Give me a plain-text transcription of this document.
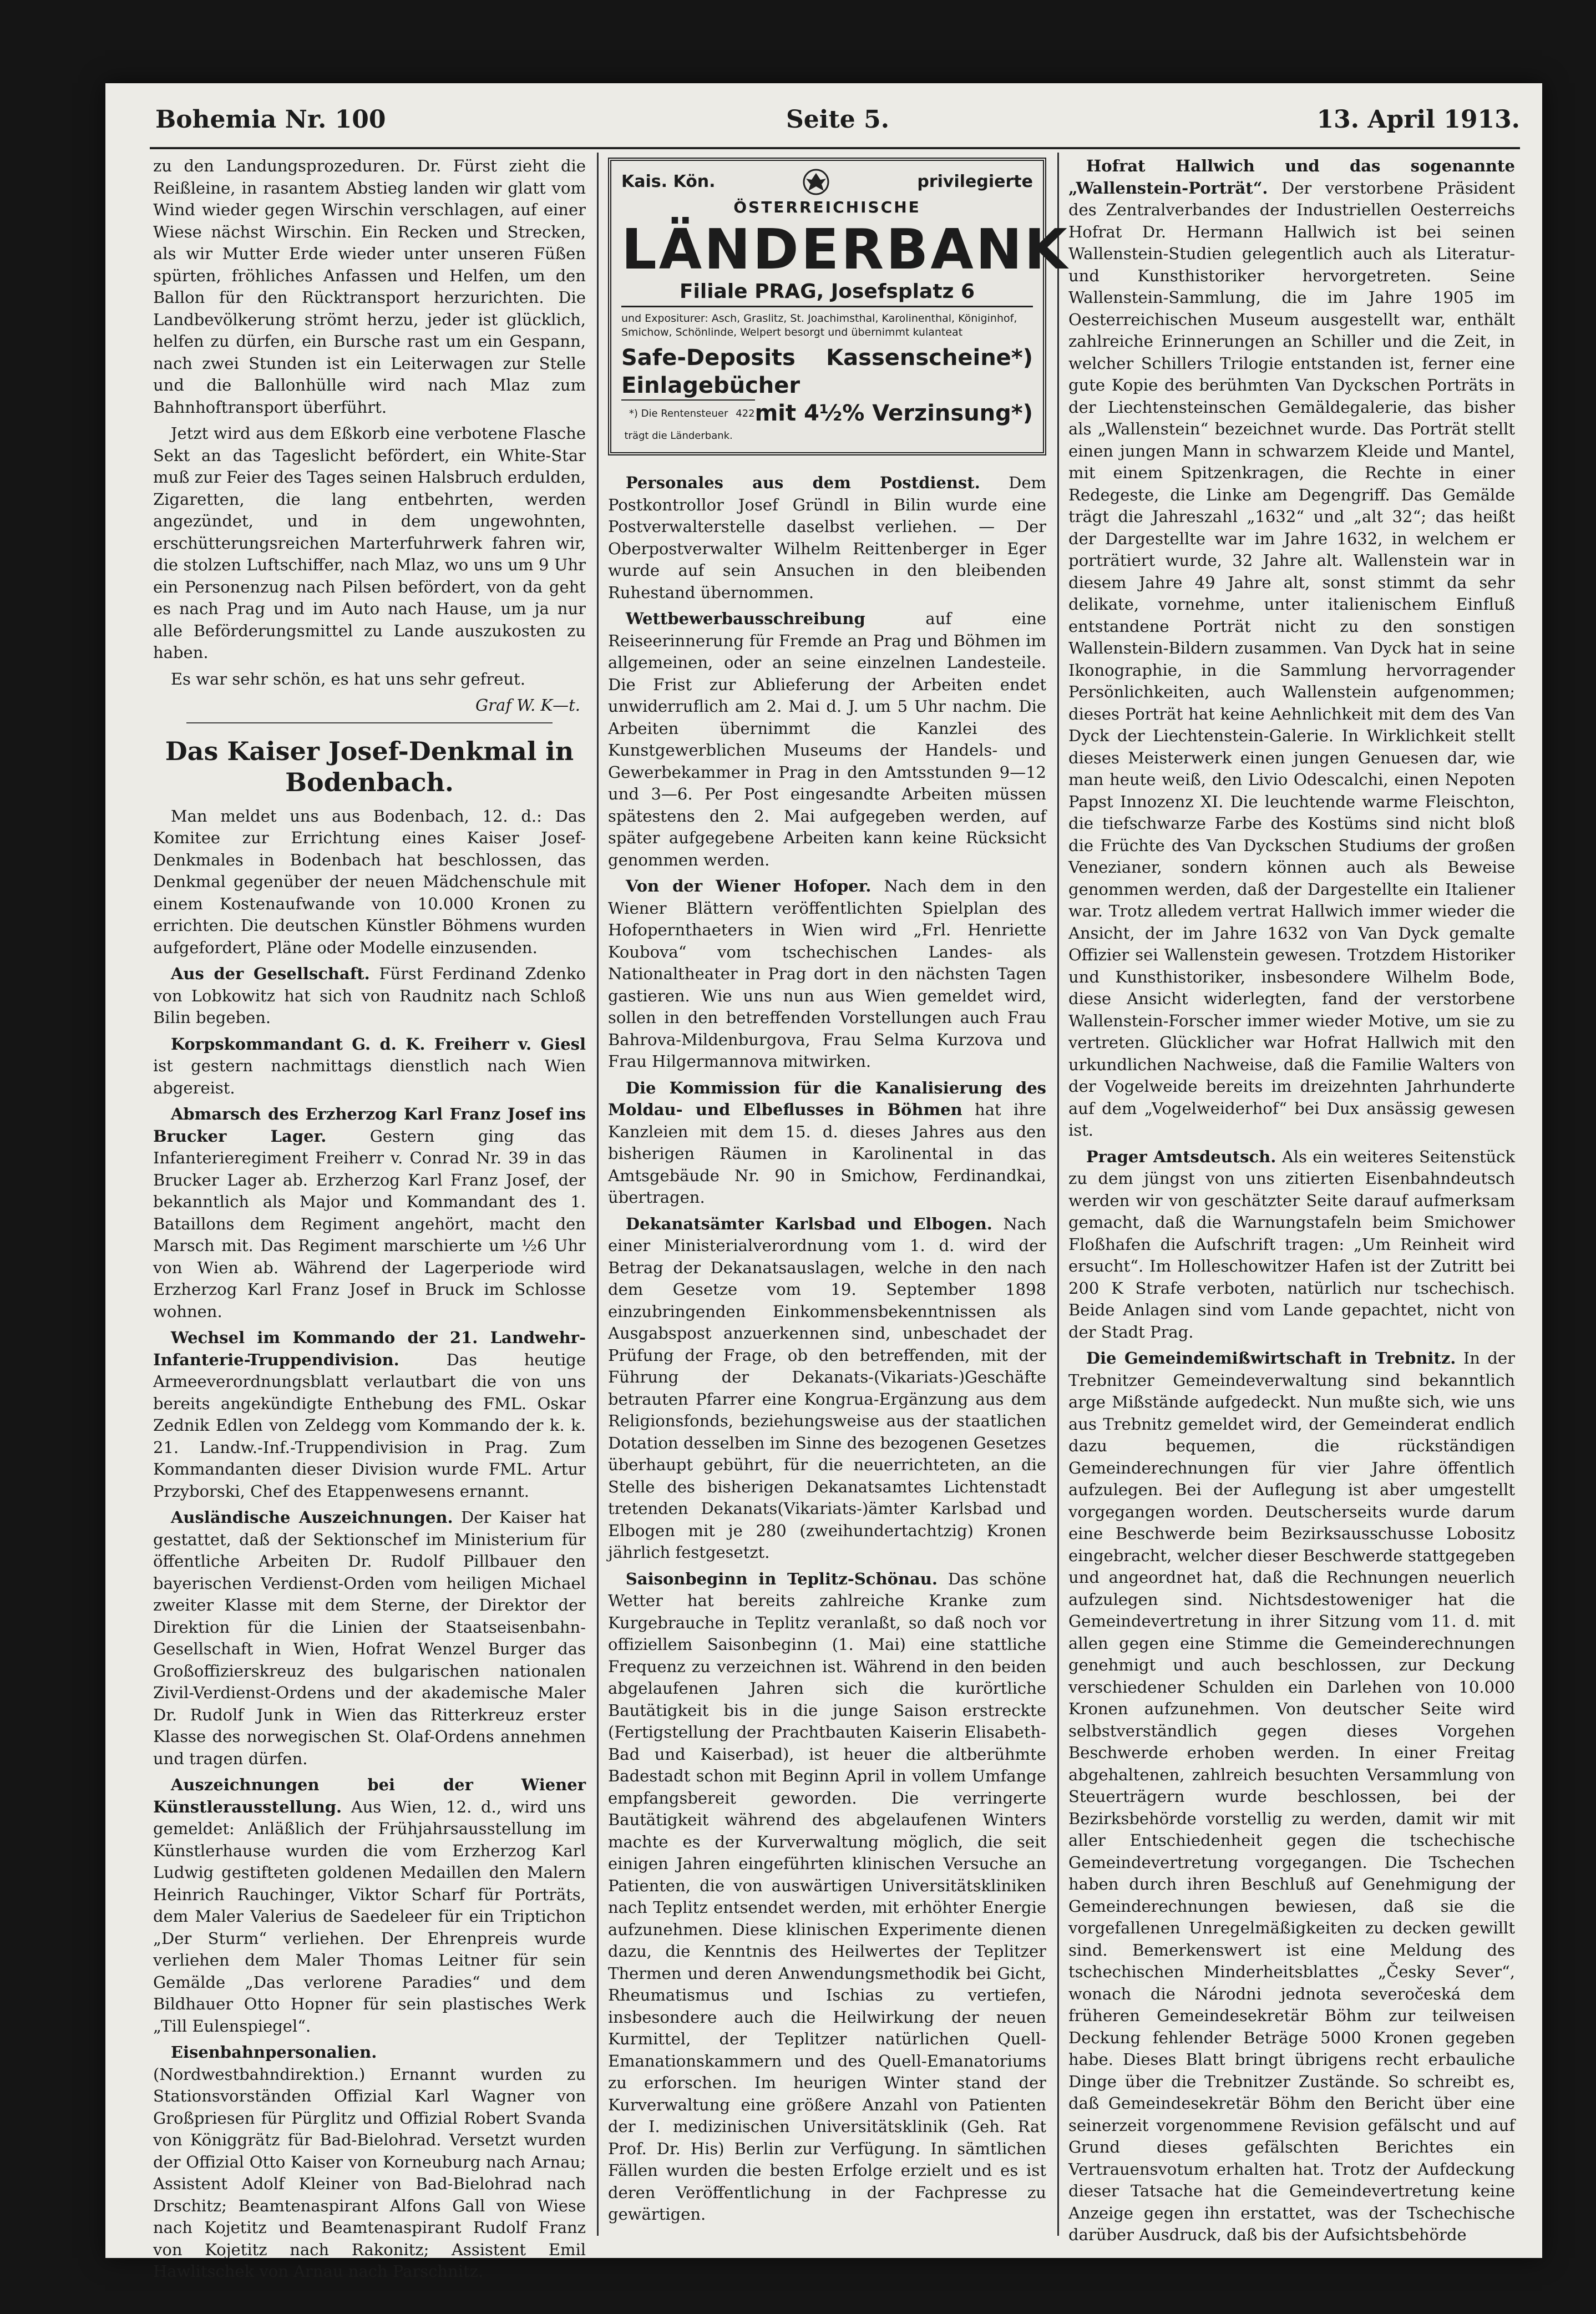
Bohemia Nr. 100	Seite 5.	13. April 1913.

zu den Landungsprozeduren. Dr. Fürst zieht die Reißleine, in rasantem Abstieg landen wir glatt vom Wind wieder gegen Wirschin verschlagen, auf einer Wiese nächst Wirschin. Ein Recken und Strecken, als wir Mutter Erde wieder unter unseren Füßen spürten, fröhliches Anfassen und Helfen, um den Ballon für den Rücktransport herzurichten. Die Landbevölkerung strömt herzu, jeder ist glücklich, helfen zu dürfen, ein Bursche rast um ein Gespann, nach zwei Stunden ist ein Leiterwagen zur Stelle und die Ballonhülle wird nach Mlaz zum Bahnhoftransport überführt.

Jetzt wird aus dem Eßkorb eine verbotene Flasche Sekt an das Tageslicht befördert, ein White-Star muß zur Feier des Tages seinen Halsbruch erdulden, Zigaretten, die lang entbehrten, werden angezündet, und in dem ungewohnten, erschütterungsreichen Marterfuhrwerk fahren wir, die stolzen Luftschiffer, nach Mlaz, wo uns um 9 Uhr ein Personenzug nach Pilsen befördert, von da geht es nach Prag und im Auto nach Hause, um ja nur alle Beförderungsmittel zu Lande auszukosten zu haben.

Es war sehr schön, es hat uns sehr gefreut.

Graf W. K—t.

Das Kaiser Josef-Denkmal in Bodenbach.

Man meldet uns aus Bodenbach, 12. d.: Das Komitee zur Errichtung eines Kaiser Josef-Denkmales in Bodenbach hat beschlossen, das Denkmal gegenüber der neuen Mädchenschule mit einem Kostenaufwande von 10.000 Kronen zu errichten. Die deutschen Künstler Böhmens wurden aufgefordert, Pläne oder Modelle einzusenden.

Aus der Gesellschaft. Fürst Ferdinand Zdenko von Lobkowitz hat sich von Raudnitz nach Schloß Bilin begeben.

Korpskommandant G. d. K. Freiherr v. Giesl ist gestern nachmittags dienstlich nach Wien abgereist.

Abmarsch des Erzherzog Karl Franz Josef ins Brucker Lager.	Gestern ging das Infanterieregiment Freiherr v. Conrad Nr. 39 in das Brucker Lager ab. Erzherzog Karl Franz Josef, der bekanntlich als Major und Kommandant des 1. Bataillons dem Regiment angehört, macht den Marsch mit. Das Regiment marschierte um ½6 Uhr von Wien ab. Während der Lagerperiode wird Erzherzog Karl Franz Josef in Bruck im Schlosse wohnen.

Wechsel im Kommando der 21. Landwehr-Infanterie-Truppendivision.	Das heutige Armeeverordnungsblatt verlautbart die von uns bereits angekündigte Enthebung des FML. Oskar Zednik Edlen von Zeldegg vom Kommando der k. k. 21. Landw.-Inf.-Truppendivision in Prag. Zum Kommandanten dieser Division wurde FML. Artur Przyborski, Chef des Etappenwesens ernannt.

Ausländische Auszeichnungen. Der Kaiser hat gestattet, daß der Sektionschef im Ministerium für öffentliche Arbeiten Dr. Rudolf Pillbauer den bayerischen Verdienst-Orden vom heiligen Michael zweiter Klasse mit dem Sterne, der Direktor der Direktion für die Linien der Staatseisenbahn-Gesellschaft in Wien, Hofrat Wenzel Burger das Großoffizierskreuz des bulgarischen nationalen Zivil-Verdienst-Ordens und der akademische Maler Dr. Rudolf Junk in Wien das Ritterkreuz erster Klasse des norwegischen St. Olaf-Ordens annehmen und tragen dürfen.

Auszeichnungen bei der Wiener Künstlerausstellung. Aus Wien, 12. d., wird uns gemeldet: Anläßlich der Frühjahrsausstellung im Künstlerhause wurden die vom Erzherzog Karl Ludwig gestifteten goldenen Medaillen den Malern Heinrich Rauchinger, Viktor Scharf für Porträts, dem Maler Valerius de Saedeleer für ein Triptichon „Der Sturm“ verliehen. Der Ehrenpreis wurde verliehen dem Maler Thomas Leitner für sein Gemälde „Das verlorene Paradies“ und dem Bildhauer Otto Hopner für sein plastisches Werk „Till Eulenspiegel“.

Eisenbahnpersonalien. (Nordwestbahndirektion.) Ernannt wurden zu Stationsvorständen Offizial Karl Wagner von Großpriesen für Pürglitz und Offizial Robert Svanda von Königgrätz für Bad-Bielohrad. Versetzt wurden der Offizial Otto Kaiser von Korneuburg nach Arnau; Assistent Adolf Kleiner von Bad-Bielohrad nach Drschitz; Beamtenaspirant Alfons Gall von Wiese nach Kojetitz und Beamtenaspirant Rudolf Franz von Kojetitz nach Rakonitz; Assistent Emil Hawlitschek von Arnau nach Parschnitz.

Kais. Kön.	privilegierte
ÖSTERREICHISCHE
LÄNDERBANK
Filiale PRAG, Josefsplatz 6
und Expositurer: Asch, Graslitz, St. Joachimsthal, Karolinenthal, Königinhof, Smichow, Schönlinde, Welpert besorgt und übernimmt kulanteat
Safe-Deposits Kassenscheine*)
Einlagebücher
mit 4½% Verzinsung*)
*) Die Rentensteuer trägt die Länderbank.
422

Personales aus dem Postdienst. Dem Postkontrollor Josef Gründl in Bilin wurde eine Postverwalterstelle daselbst verliehen. — Der Oberpostverwalter Wilhelm Reittenberger in Eger wurde auf sein Ansuchen in den bleibenden Ruhestand übernommen.

Wettbewerbausschreibung	auf eine Reiseerinnerung für Fremde an Prag und Böhmen im allgemeinen, oder an seine einzelnen Landesteile. Die Frist zur Ablieferung der Arbeiten endet unwiderruflich am 2. Mai d. J. um 5 Uhr nachm. Die Arbeiten übernimmt die Kanzlei des Kunstgewerblichen Museums der Handels- und Gewerbekammer in Prag in den Amtsstunden 9—12 und 3—6. Per Post eingesandte Arbeiten müssen spätestens den 2. Mai aufgegeben werden, auf später aufgegebene Arbeiten kann keine Rücksicht genommen werden.

Von der Wiener Hofoper. Nach dem in den Wiener Blättern veröffentlichten Spielplan des Hofopernthaeters in Wien wird „Frl. Henriette Koubova“ vom tschechischen Landes- als Nationaltheater in Prag dort in den nächsten Tagen gastieren. Wie uns nun aus Wien gemeldet wird, sollen in den betreffenden Vorstellungen auch Frau Bahrova-Mildenburgova, Frau Selma Kurzova und Frau Hilgermannova mitwirken.

Die Kommission für die Kanalisierung des Moldau- und Elbeflusses in Böhmen hat ihre Kanzleien mit dem 15. d. dieses Jahres aus den bisherigen Räumen in Karolinental in das Amtsgebäude Nr. 90 in Smichow, Ferdinandkai, übertragen.

Dekanatsämter Karlsbad und Elbogen. Nach einer Ministerialverordnung vom 1. d. wird der Betrag der Dekanatsauslagen, welche in den nach dem Gesetze vom 19. September 1898 einzubringenden Einkommensbekenntnissen als Ausgabspost anzuerkennen sind, unbeschadet der Prüfung der Frage, ob den betreffenden, mit der Führung der Dekanats-(Vikariats-)Geschäfte betrauten Pfarrer eine Kongrua-Ergänzung aus dem Religionsfonds, beziehungsweise aus der staatlichen Dotation desselben im Sinne des bezogenen Gesetzes überhaupt gebührt, für die neuerrichteten, an die Stelle des bisherigen Dekanatsamtes Lichtenstadt tretenden Dekanats(Vikariats-)ämter Karlsbad und Elbogen mit je 280 (zweihundertachtzig) Kronen jährlich festgesetzt.

Saisonbeginn in Teplitz-Schönau. Das schöne Wetter hat bereits zahlreiche Kranke zum Kurgebrauche in Teplitz veranlaßt, so daß noch vor offiziellem Saisonbeginn (1. Mai) eine stattliche Frequenz zu verzeichnen ist. Während in den beiden abgelaufenen Jahren sich die kurörtliche Bautätigkeit bis in die junge Saison erstreckte (Fertigstellung der Prachtbauten Kaiserin Elisabeth-Bad und Kaiserbad), ist heuer die altberühmte Badestadt schon mit Beginn April in vollem Umfange empfangsbereit geworden. Die verringerte Bautätigkeit während des abgelaufenen Winters machte es der Kurverwaltung möglich, die seit einigen Jahren eingeführten klinischen Versuche an Patienten, die von auswärtigen Universitätskliniken nach Teplitz entsendet werden, mit erhöhter Energie aufzunehmen. Diese klinischen Experimente dienen dazu, die Kenntnis des Heilwertes der Teplitzer Thermen und deren Anwendungsmethodik bei Gicht, Rheumatismus und Ischias zu vertiefen, insbesondere auch die Heilwirkung der neuen Kurmittel, der Teplitzer natürlichen Quell-Emanationskammern und des Quell-Emanatoriums zu erforschen. Im heurigen Winter stand der Kurverwaltung eine größere Anzahl von Patienten der I. medizinischen Universitätsklinik (Geh. Rat Prof. Dr. His) Berlin zur Verfügung. In sämtlichen Fällen wurden die besten Erfolge erzielt und es ist deren Veröffentlichung in der Fachpresse zu gewärtigen.

Hofrat Hallwich und das sogenannte „Wallenstein-Porträt“. Der verstorbene Präsident des Zentralverbandes der Industriellen Oesterreichs Hofrat Dr. Hermann Hallwich ist bei seinen Wallenstein-Studien gelegentlich auch als Literatur- und Kunsthistoriker hervorgetreten. Seine Wallenstein-Sammlung, die im Jahre 1905 im Oesterreichischen Museum ausgestellt war, enthält zahlreiche Erinnerungen an Schiller und die Zeit, in welcher Schillers Trilogie entstanden ist, ferner eine gute Kopie des berühmten Van Dyckschen Porträts in der Liechtensteinschen Gemäldegalerie, das bisher als „Wallenstein“ bezeichnet wurde. Das Porträt stellt einen jungen Mann in schwarzem Kleide und Mantel, mit einem Spitzenkragen, die Rechte in einer Redegeste, die Linke am Degengriff. Das Gemälde trägt die Jahreszahl „1632“ und „alt 32“; das heißt der Dargestellte war im Jahre 1632, in welchem er porträtiert wurde, 32 Jahre alt. Wallenstein war in diesem Jahre 49 Jahre alt, sonst stimmt da sehr delikate, vornehme, unter italienischem Einfluß entstandene Porträt nicht zu den sonstigen Wallenstein-Bildern zusammen. Van Dyck hat in seine Ikonographie, in die Sammlung hervorragender Persönlichkeiten, auch Wallenstein aufgenommen; dieses Porträt hat keine Aehnlichkeit mit dem des Van Dyck der Liechtenstein-Galerie. In Wirklichkeit stellt dieses Meisterwerk einen jungen Genuesen dar, wie man heute weiß, den Livio Odescalchi, einen Nepoten Papst Innozenz XI. Die leuchtende warme Fleischton, die tiefschwarze Farbe des Kostüms sind nicht bloß die Früchte des Van Dyckschen Studiums der großen Venezianer, sondern können auch als Beweise genommen werden, daß der Dargestellte ein Italiener war. Trotz alledem vertrat Hallwich immer wieder die Ansicht, der im Jahre 1632 von Van Dyck gemalte Offizier sei Wallenstein gewesen. Trotzdem Historiker und Kunsthistoriker, insbesondere Wilhelm Bode, diese Ansicht widerlegten, fand der verstorbene Wallenstein-Forscher immer wieder Motive, um sie zu vertreten. Glücklicher war Hofrat Hallwich mit den urkundlichen Nachweise, daß die Familie Walters von der Vogelweide bereits im dreizehnten Jahrhunderte auf dem „Vogelweiderhof“ bei Dux ansässig gewesen ist.

Prager Amtsdeutsch. Als ein weiteres Seitenstück zu dem jüngst von uns zitierten Eisenbahndeutsch werden wir von geschätzter Seite darauf aufmerksam gemacht, daß die Warnungstafeln beim Smichower Floßhafen die Aufschrift tragen: „Um Reinheit wird ersucht“. Im Holleschowitzer Hafen ist der Zutritt bei 200 K Strafe verboten, natürlich nur tschechisch. Beide Anlagen sind vom Lande gepachtet, nicht von der Stadt Prag.

Die Gemeindemißwirtschaft in Trebnitz. In der Trebnitzer Gemeindeverwaltung sind bekanntlich arge Mißstände aufgedeckt. Nun mußte sich, wie uns aus Trebnitz gemeldet wird, der Gemeinderat endlich dazu bequemen, die rückständigen Gemeinderechnungen für vier Jahre öffentlich aufzulegen. Bei der Auflegung ist aber umgestellt vorgegangen worden. Deutscherseits wurde darum eine Beschwerde beim Bezirksausschusse Lobositz eingebracht, welcher dieser Beschwerde stattgegeben und angeordnet hat, daß die Rechnungen neuerlich aufzulegen sind. Nichtsdestoweniger hat die Gemeindevertretung in ihrer Sitzung vom 11. d. mit allen gegen eine Stimme die Gemeinderechnungen genehmigt und auch beschlossen, zur Deckung verschiedener Schulden ein Darlehen von 10.000 Kronen aufzunehmen. Von deutscher Seite wird selbstverständlich gegen dieses Vorgehen Beschwerde erhoben werden. In einer Freitag abgehaltenen, zahlreich besuchten Versammlung von Steuerträgern wurde beschlossen, bei der Bezirksbehörde vorstellig zu werden, damit wir mit aller Entschiedenheit gegen die tschechische Gemeindevertretung vorgegangen. Die Tschechen haben durch ihren Beschluß auf Genehmigung der Gemeinderechnungen bewiesen, daß sie die vorgefallenen Unregelmäßigkeiten zu decken gewillt sind. Bemerkenswert ist eine Meldung des tschechischen Minderheitsblattes „Česky Sever“, wonach die Národni jednota severočeská dem früheren Gemeindesekretär Böhm zur teilweisen Deckung fehlender Beträge 5000 Kronen gegeben habe. Dieses Blatt bringt übrigens recht erbauliche Dinge über die Trebnitzer Zustände. So schreibt es, daß Gemeindesekretär Böhm den Bericht über eine seinerzeit vorgenommene Revision gefälscht und auf Grund dieses gefälschten Berichtes ein Vertrauensvotum erhalten hat. Trotz der Aufdeckung dieser Tatsache hat die Gemeindevertretung keine Anzeige gegen ihn erstattet, was der Tschechische darüber Ausdruck, daß bis der Aufsichtsbehörde
